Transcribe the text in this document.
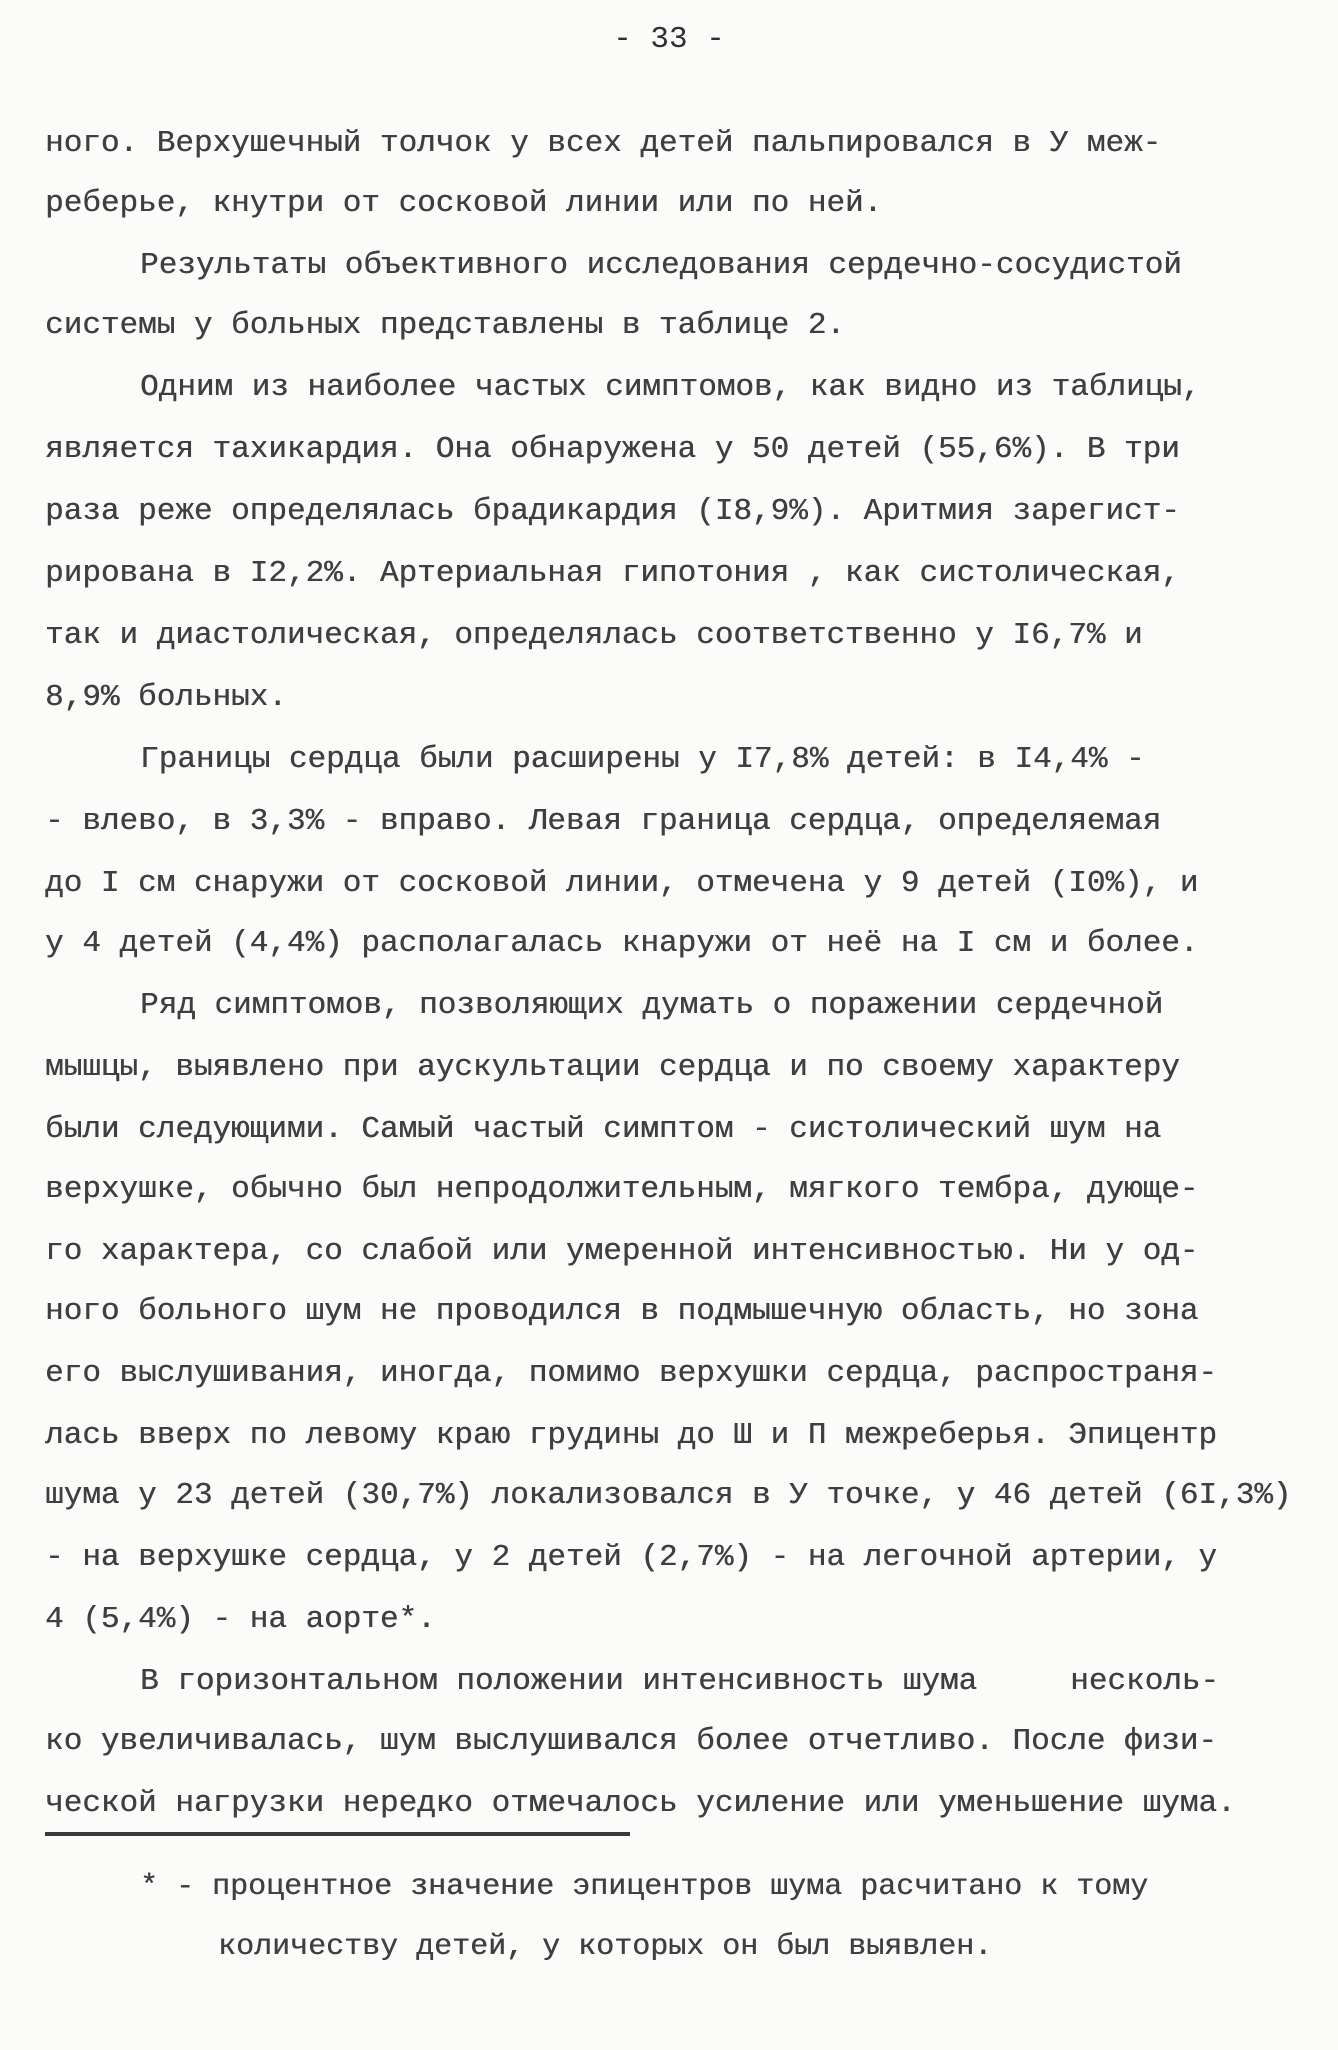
- 33 -
ного. Верхушечный толчок у всех детей пальпировался в У меж-
реберье, кнутри от сосковой линии или по ней.
Результаты объективного исследования сердечно-сосудистой
системы у больных представлены в таблице 2.
Одним из наиболее частых симптомов, как видно из таблицы,
является тахикардия. Она обнаружена у 50 детей (55,6%). В три
раза реже определялась брадикардия (I8,9%). Аритмия зарегист-
рирована в I2,2%. Артериальная гипотония , как систолическая,
так и диастолическая, определялась соответственно у I6,7% и
8,9% больных.
Границы сердца были расширены у I7,8% детей: в I4,4% -
- влево, в 3,3% - вправо. Левая граница сердца, определяемая
до I см снаружи от сосковой линии, отмечена у 9 детей (I0%), и
у 4 детей (4,4%) располагалась кнаружи от неё на I см и более.
Ряд симптомов, позволяющих думать о поражении сердечной
мышцы, выявлено при аускультации сердца и по своему характеру
были следующими. Самый частый симптом - систолический шум на
верхушке, обычно был непродолжительным, мягкого тембра, дующе-
го характера, со слабой или умеренной интенсивностью. Ни у од-
ного больного шум не проводился в подмышечную область, но зона
его выслушивания, иногда, помимо верхушки сердца, распространя-
лась вверх по левому краю грудины до Ш и П межреберья. Эпицентр
шума у 23 детей (30,7%) локализовался в У точке, у 46 детей (6I,3%)
- на верхушке сердца, у 2 детей (2,7%) - на легочной артерии, у
4 (5,4%) - на аорте*.
В горизонтальном положении интенсивность шума     несколь-
ко увеличивалась, шум выслушивался более отчетливо. После физи-
ческой нагрузки нередко отмечалось усиление или уменьшение шума.
* - процентное значение эпицентров шума расчитано к тому
количеству детей, у которых он был выявлен.
